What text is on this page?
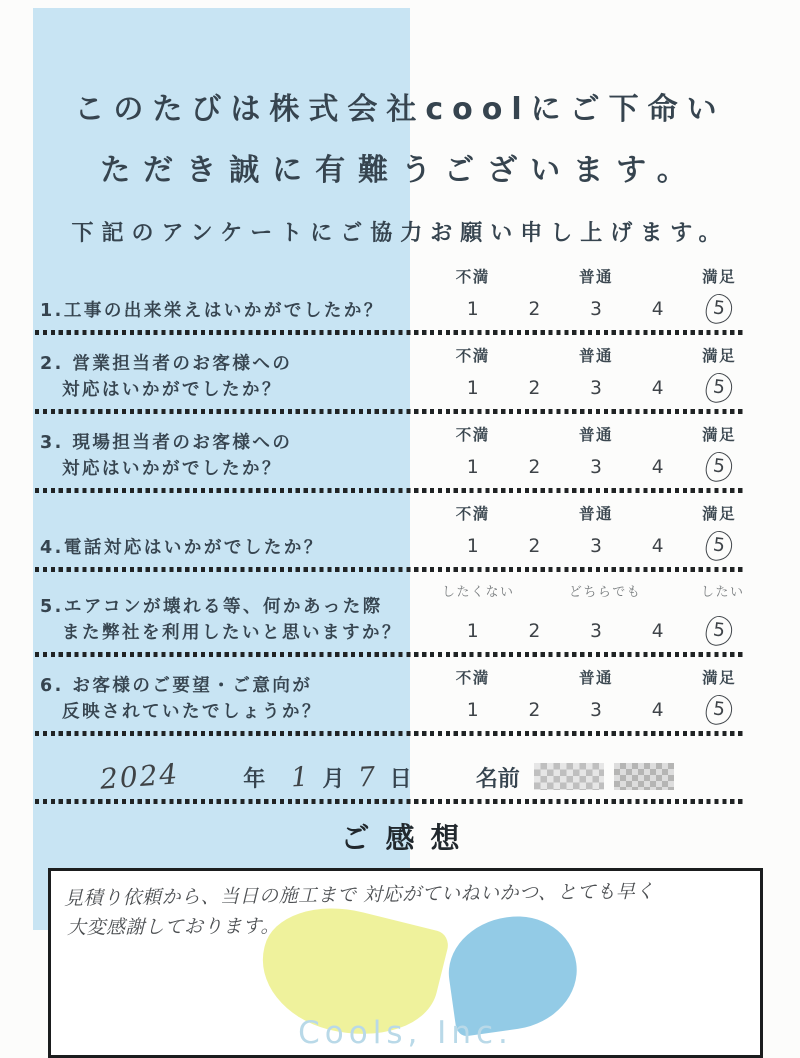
このたびは株式会社coolにご下命い
ただき誠に有難うございます。
下記のアンケートにご協力お願い申し上げます。
1.工事の出来栄えはいかがでしたか？
不満	普通	満足
1	2	3	4	5
2. 営業担当者のお客様への
対応はいかがでしたか？
不満	普通	満足
1	2	3	4	5
3. 現場担当者のお客様への
対応はいかがでしたか？
不満	普通	満足
1	2	3	4	5
4.電話対応はいかがでしたか？
不満	普通	満足
1	2	3	4	5
5.エアコンが壊れる等、何かあった際
また弊社を利用したいと思いますか？
したくない	どちらでも	したい
1	2	3	4	5
6. お客様のご要望・ご意向が
反映されていたでしょうか？
不満	普通	満足
1	2	3	4	5
2024	年 1 月 7 日	名前
ご感想
見積り依頼から、当日の施工まで 対応がていねいかつ、とても早く
大変感謝しております。
Cools, Inc.
